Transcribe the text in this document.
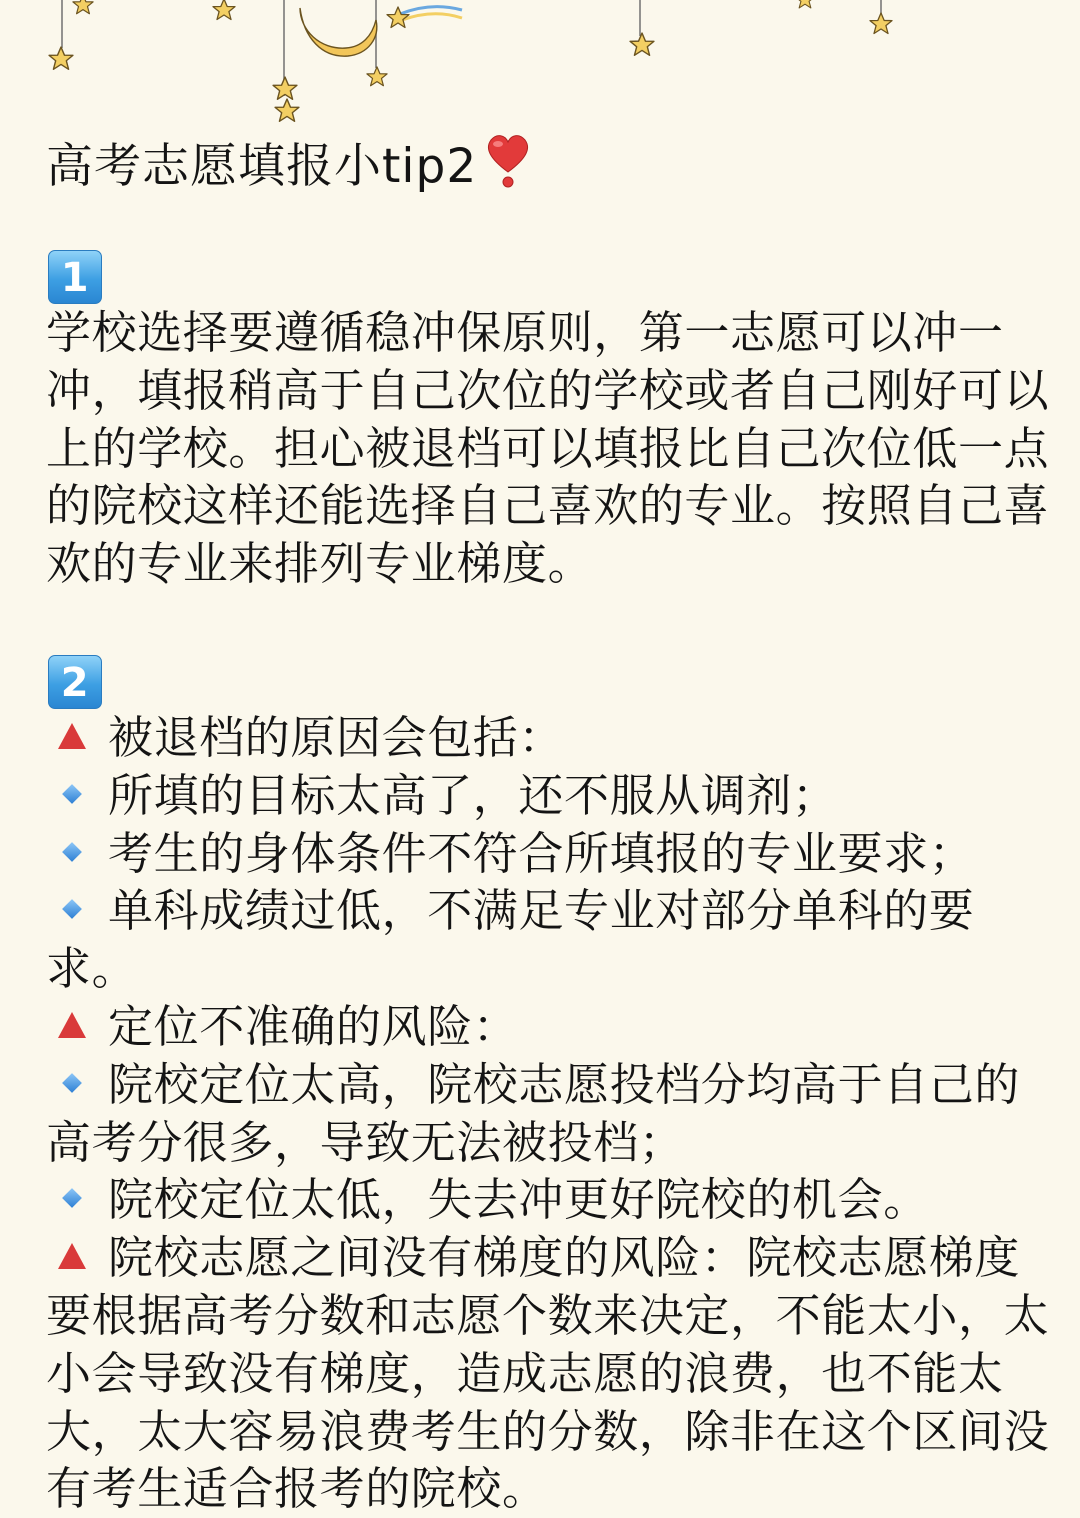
高考志愿填报小tip2
1

学校选择要遵循稳冲保原则，第一志愿可以冲一冲，填报稍高于自己次位的学校或者自己刚好可以上的学校。担心被退档可以填报比自己次位低一点的院校这样还能选择自己喜欢的专业。按照自己喜欢的专业来排列专业梯度。

2

被退档的原因会包括：

所填的目标太高了，还不服从调剂；

考生的身体条件不符合所填报的专业要求；

单科成绩过低，不满足专业对部分单科的要求。

定位不准确的风险：

院校定位太高，院校志愿投档分均高于自己的高考分很多，导致无法被投档；

院校定位太低，失去冲更好院校的机会。

院校志愿之间没有梯度的风险：院校志愿梯度要根据高考分数和志愿个数来决定，不能太小，太小会导致没有梯度，造成志愿的浪费，也不能太大，太大容易浪费考生的分数，除非在这个区间没有考生适合报考的院校。
